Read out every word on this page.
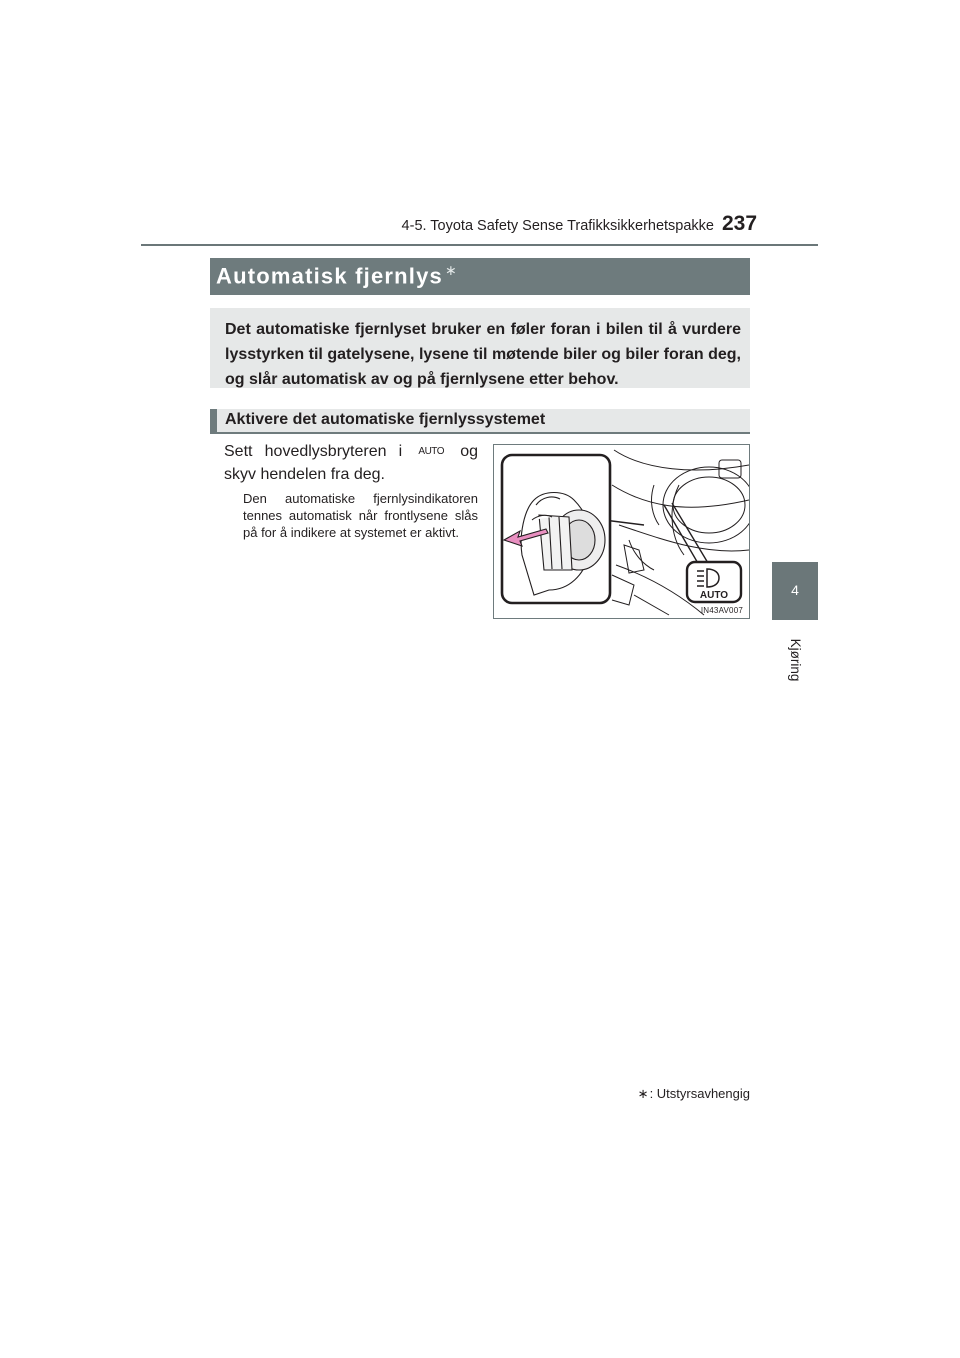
4-5. Toyota Safety Sense Trafikksikkerhetspakke 237
4
Kjøring
Automatisk fjernlys ∗
Det automatiske fjernlyset bruker en føler foran i bilen til å vurdere lysstyrken til gatelysene, lysene til møtende biler og biler foran deg, og slår automatisk av og på fjernlysene etter behov.
Aktivere det automatiske fjernlyssystemet
Sett hovedlysbryteren i AUTO og skyv hendelen fra deg.
Den automatiske fjernlysindikatoren tennes automatisk når frontlysene slås på for å indikere at systemet er aktivt.
AUTO
IN43AV007
∗: Utstyrsavhengig
